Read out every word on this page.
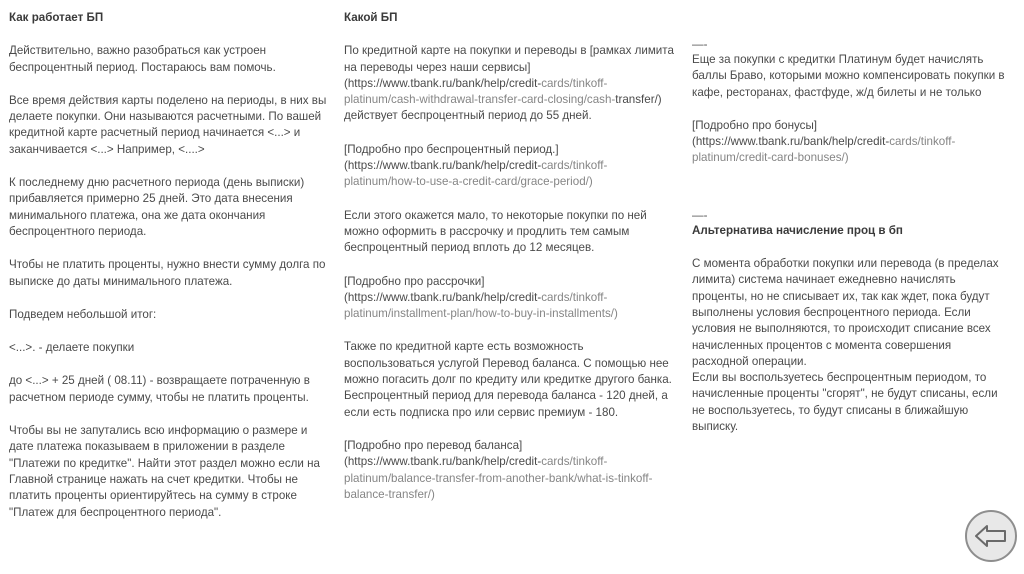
Как работает БП

Действительно, важно разобраться как устроен беспроцентный период. Постараюсь вам помочь.

Все время действия карты поделено на периоды, в них вы делаете покупки. Они называются расчетными. По вашей кредитной карте расчетный период начинается <...> и заканчивается <...> Например, <....>

К последнему дню расчетного периода (день выписки) прибавляется примерно 25 дней. Это дата внесения минимального платежа, она же дата окончания беспроцентного периода.

Чтобы не платить проценты, нужно внести сумму долга по выписке до даты минимального платежа.

Подведем небольшой итог:

<...>. - делаете покупки

до <...> + 25 дней ( 08.11) - возвращаете потраченную в расчетном периоде сумму, чтобы не платить проценты.

Чтобы вы не запутались всю информацию о размере и дате платежа показываем в приложении в разделе "Платежи по кредитке". Найти этот раздел можно если на Главной странице нажать на счет кредитки. Чтобы не платить проценты ориентируйтесь на сумму в строке "Платеж для беспроцентного периода".

Какой БП

По кредитной карте на покупки и переводы в [рамках лимита на переводы через наши сервисы](https://www.tbank.ru/bank/help/credit-cards/tinkoff-platinum/cash-withdrawal-transfer-card-closing/cash-transfer/) действует беспроцентный период до 55 дней.

[Подробно про беспроцентный период.](https://www.tbank.ru/bank/help/credit-cards/tinkoff-platinum/how-to-use-a-credit-card/grace-period/)

Если этого окажется мало, то некоторые покупки по ней можно оформить в рассрочку и продлить тем самым беспроцентный период вплоть до 12 месяцев.

[Подробно про рассрочки](https://www.tbank.ru/bank/help/credit-cards/tinkoff-platinum/installment-plan/how-to-buy-in-installments/)

Также по кредитной карте есть возможность воспользоваться услугой Перевод баланса. С помощью нее можно погасить долг по кредиту или кредитке другого банка. Беспроцентный период для перевода баланса - 120 дней, а если есть подписка про или сервис премиум - 180.

[Подробно про перевод баланса](https://www.tbank.ru/bank/help/credit-cards/tinkoff-platinum/balance-transfer-from-another-bank/what-is-tinkoff-balance-transfer/)

—-

Еще за покупки с кредитки Платинум будет начислять баллы Браво, которыми можно компенсировать покупки в кафе, ресторанах, фастфуде, ж/д билеты и не только

[Подробно про бонусы](https://www.tbank.ru/bank/help/credit-cards/tinkoff-platinum/credit-card-bonuses/)

—-

Альтернатива начисление проц в бп

С момента обработки покупки или перевода (в пределах лимита) система начинает ежедневно начислять проценты, но не списывает их, так как ждет, пока будут выполнены условия беспроцентного периода. Если условия не выполняются, то происходит списание всех начисленных процентов с момента совершения расходной операции.

Если вы воспользуетесь беспроцентным периодом, то начисленные проценты "сгорят", не будут списаны, если не воспользуетесь, то будут списаны в ближайшую выписку.
